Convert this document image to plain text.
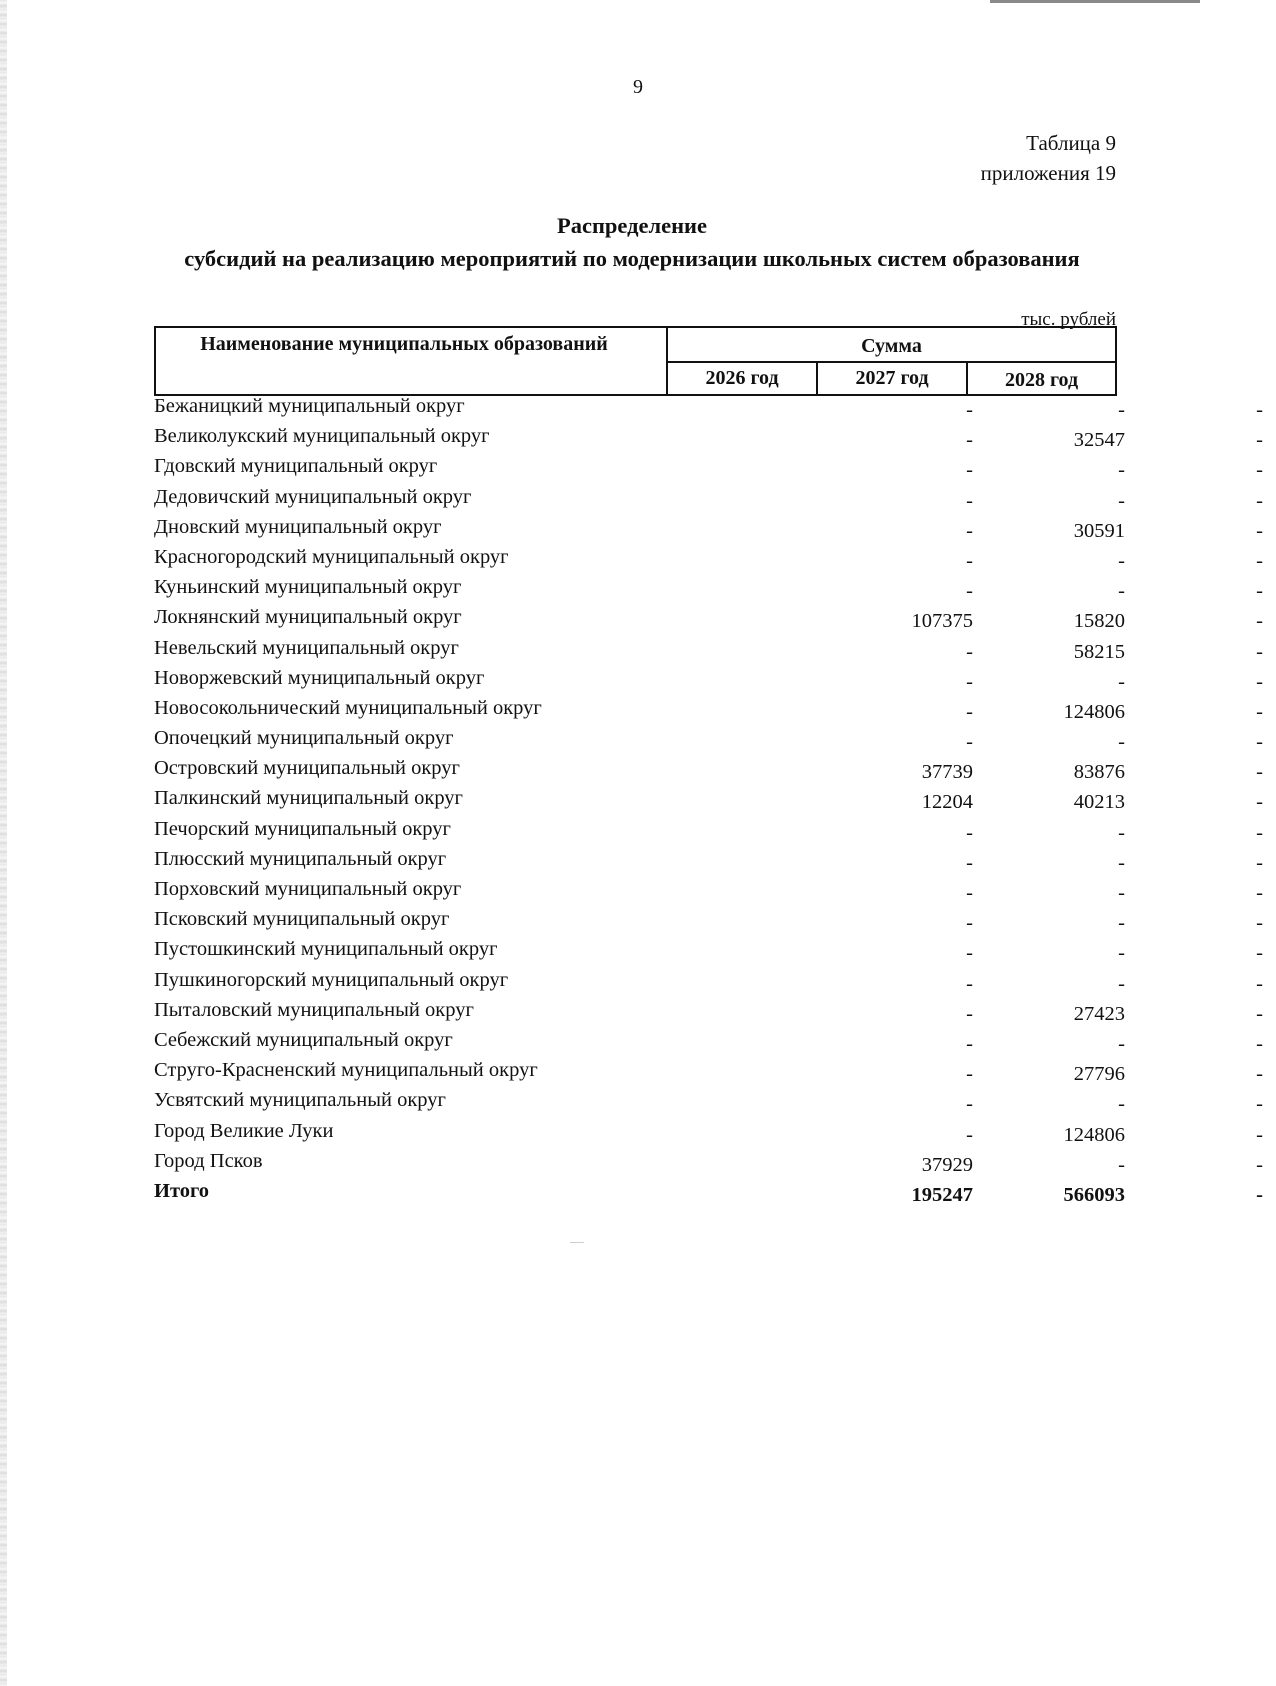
9
Таблица 9
приложения 19
Распределение
субсидий на реализацию мероприятий по модернизации школьных систем образования
тыс. рублей
Наименование муниципальных образований	Сумма
2026 год	2027 год	2028 год
Бежаницкий муниципальный округ	-	-	-
Великолукский муниципальный округ	-	32547	-
Гдовский муниципальный округ	-	-	-
Дедовичский муниципальный округ	-	-	-
Дновский муниципальный округ	-	30591	-
Красногородский муниципальный округ	-	-	-
Куньинский муниципальный округ	-	-	-
Локнянский муниципальный округ	107375	15820	-
Невельский муниципальный округ	-	58215	-
Новоржевский муниципальный округ	-	-	-
Новосокольнический муниципальный округ	-	124806	-
Опочецкий муниципальный округ	-	-	-
Островский муниципальный округ	37739	83876	-
Палкинский муниципальный округ	12204	40213	-
Печорский муниципальный округ	-	-	-
Плюсский муниципальный округ	-	-	-
Порховский муниципальный округ	-	-	-
Псковский муниципальный округ	-	-	-
Пустошкинский муниципальный округ	-	-	-
Пушкиногорский муниципальный округ	-	-	-
Пыталовский муниципальный округ	-	27423	-
Себежский муниципальный округ	-	-	-
Струго-Красненский муниципальный округ	-	27796	-
Усвятский муниципальный округ	-	-	-
Город Великие Луки	-	124806	-
Город Псков	37929	-	-
Итого	195247	566093	-
